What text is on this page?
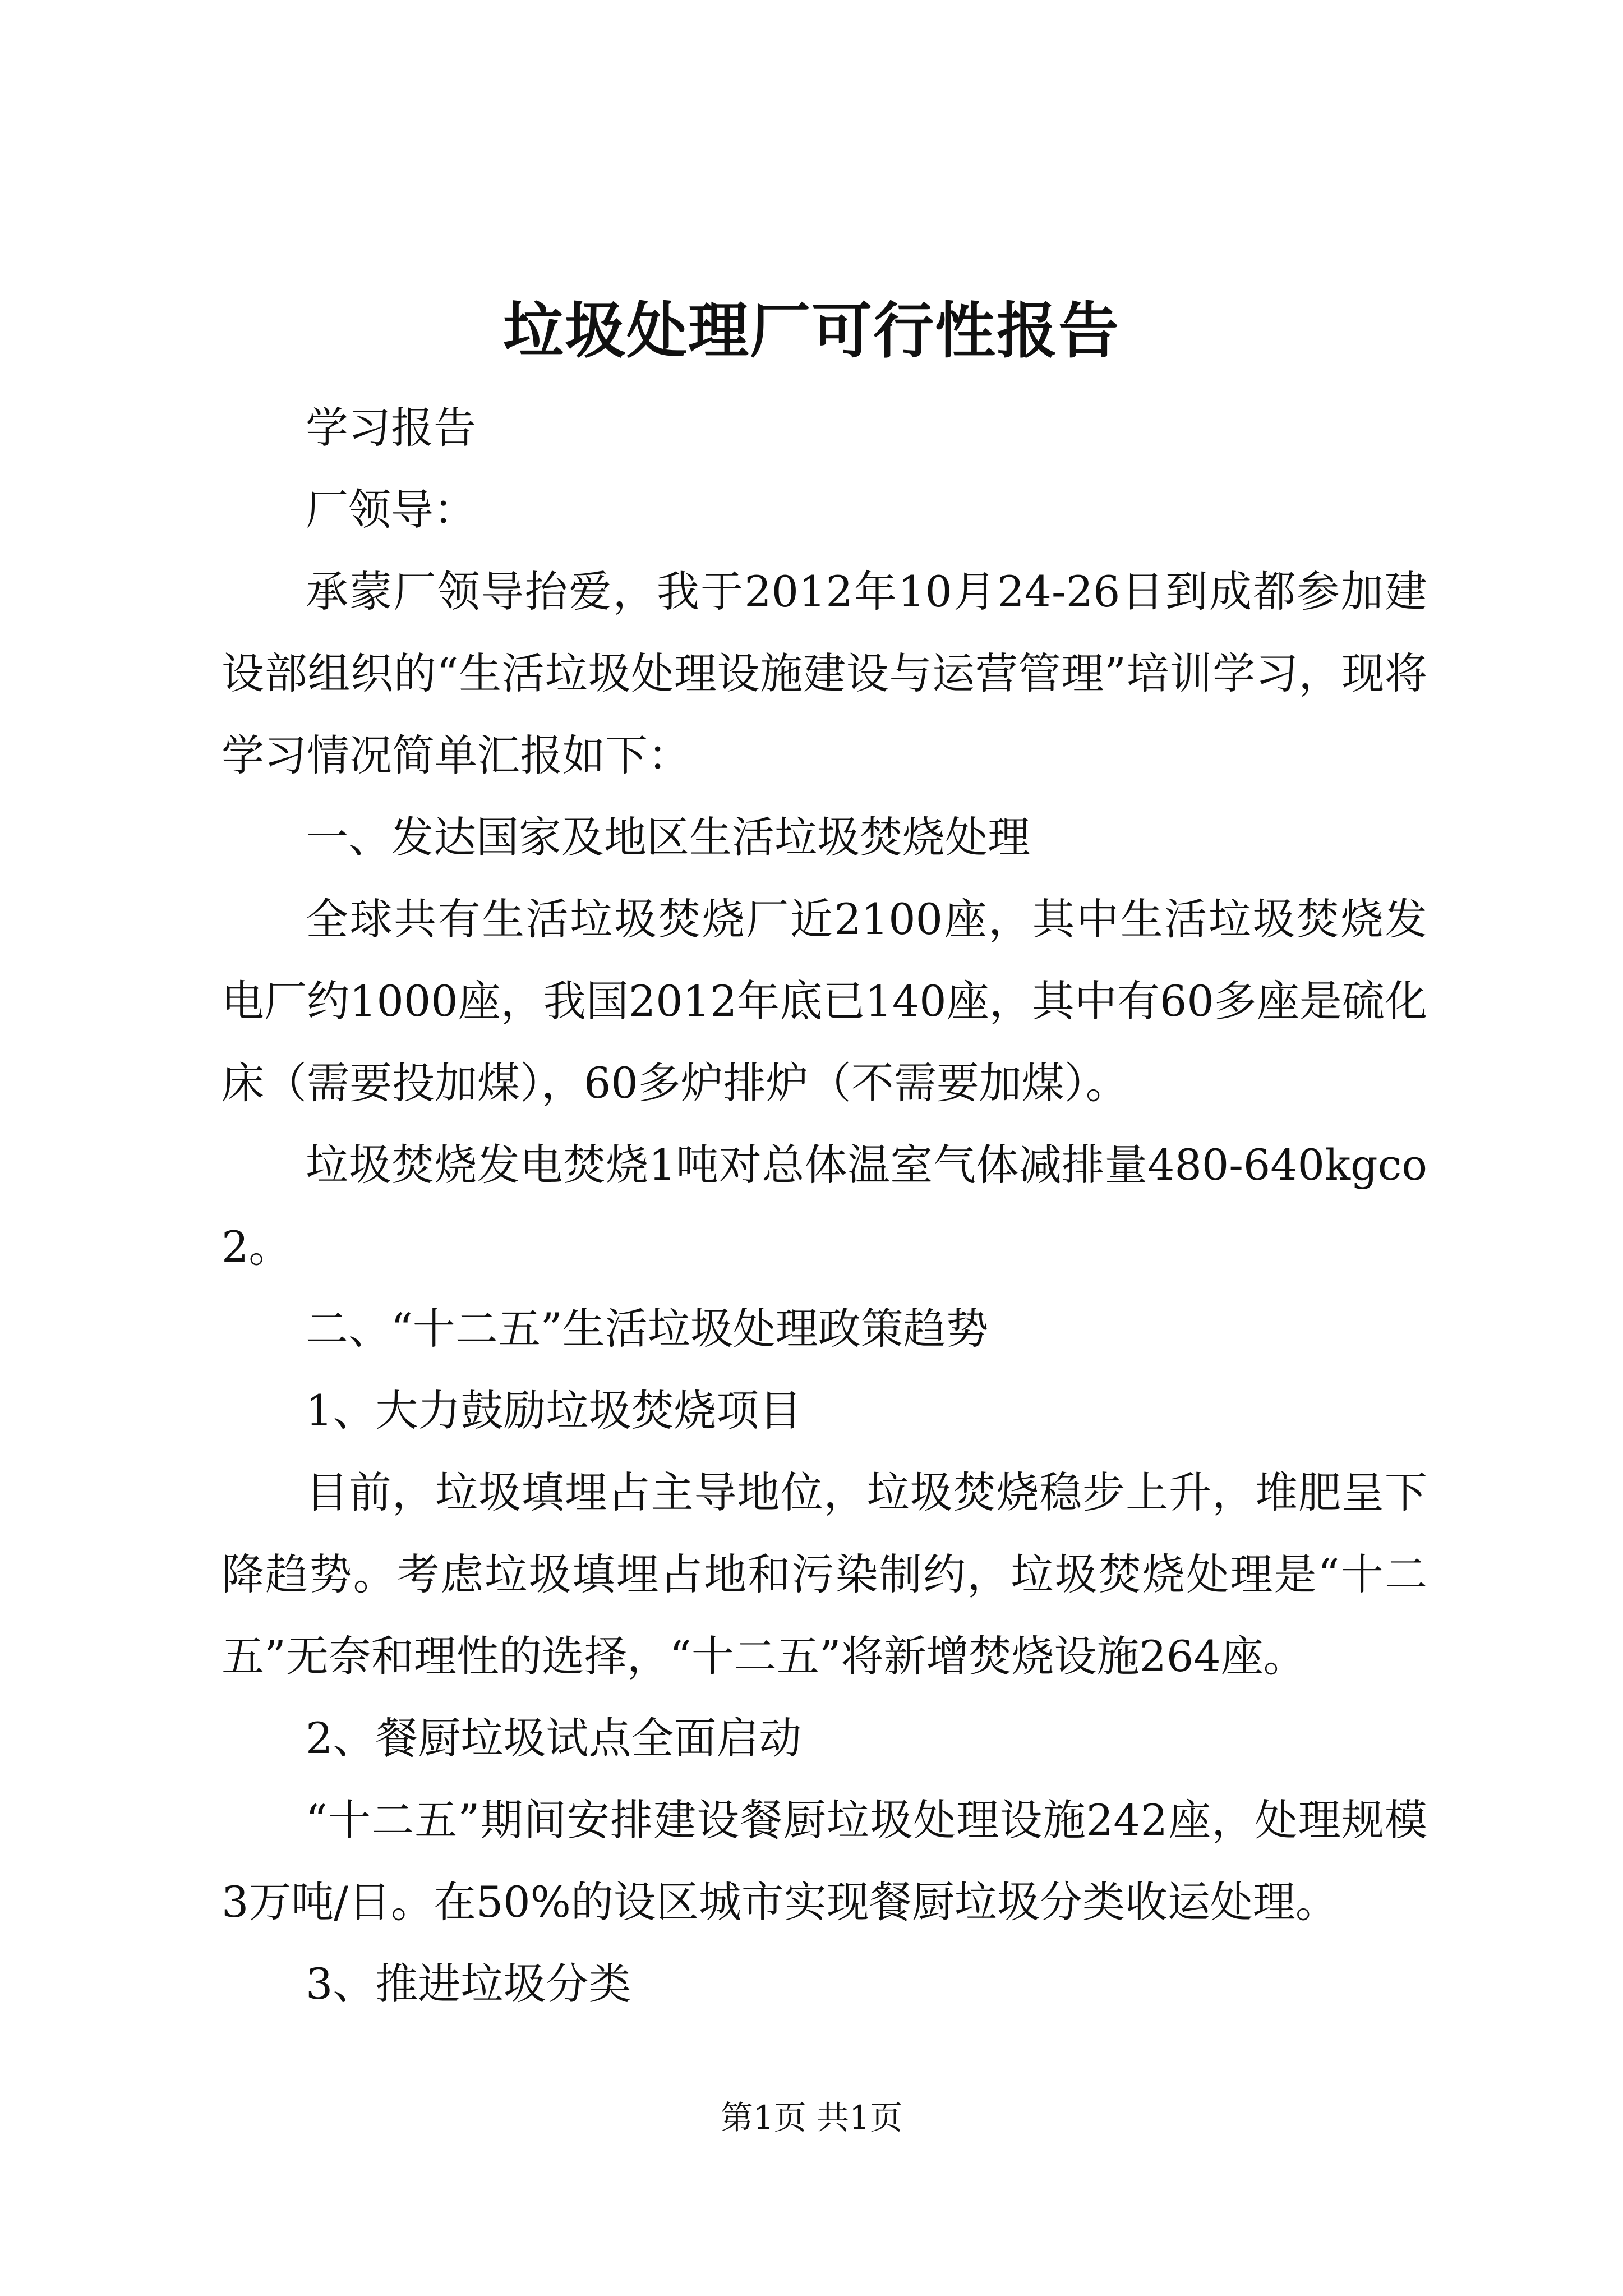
垃圾处理厂可行性报告

学习报告

厂领导：

承蒙厂领导抬爱，我于2012年10月24-26日到成都参加建设部组织的“生活垃圾处理设施建设与运营管理”培训学习，现将学习情况简单汇报如下：

一、发达国家及地区生活垃圾焚烧处理

全球共有生活垃圾焚烧厂近2100座，其中生活垃圾焚烧发电厂约1000座，我国2012年底已140座，其中有60多座是硫化床（需要投加煤），60多炉排炉（不需要加煤）。

垃圾焚烧发电焚烧1吨对总体温室气体减排量480-640kgco2。

二、“十二五”生活垃圾处理政策趋势

1、大力鼓励垃圾焚烧项目

目前，垃圾填埋占主导地位，垃圾焚烧稳步上升，堆肥呈下降趋势。考虑垃圾填埋占地和污染制约，垃圾焚烧处理是“十二五”无奈和理性的选择，“十二五”将新增焚烧设施264座。

2、餐厨垃圾试点全面启动

“十二五”期间安排建设餐厨垃圾处理设施242座，处理规模3万吨/日。在50%的设区城市实现餐厨垃圾分类收运处理。

3、推进垃圾分类

第1页 共1页
